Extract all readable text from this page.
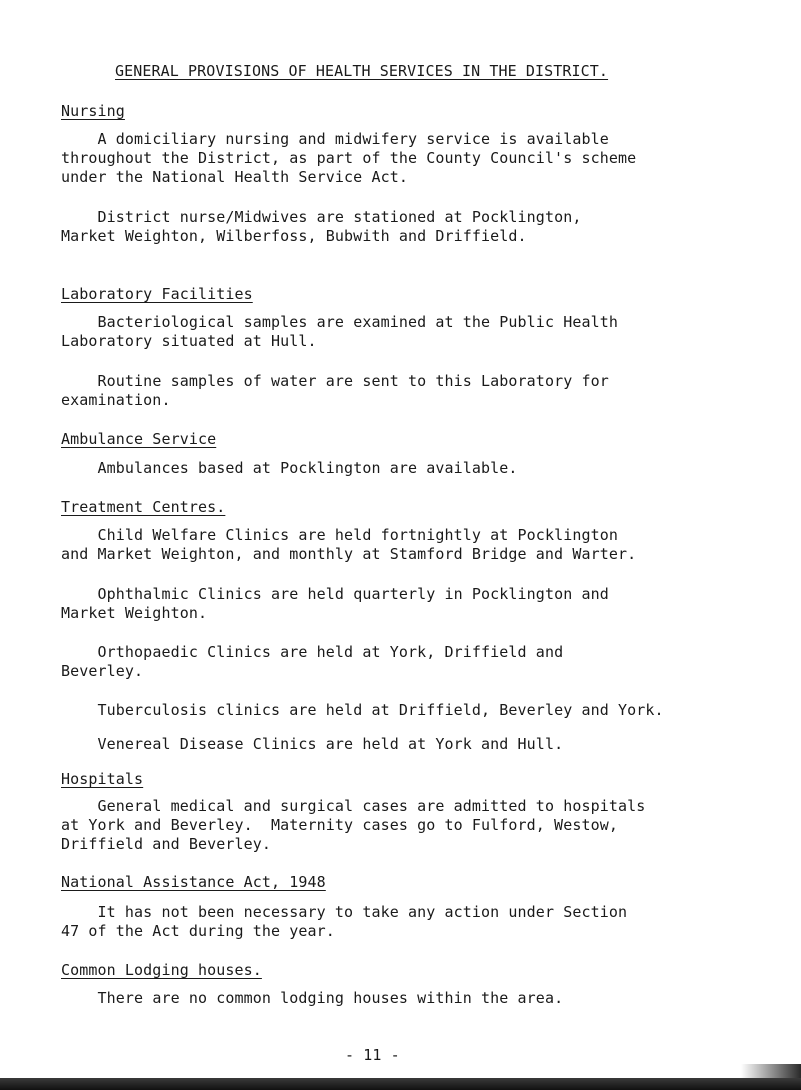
GENERAL PROVISIONS OF HEALTH SERVICES IN THE DISTRICT.
Nursing
A domiciliary nursing and midwifery service is available
throughout the District, as part of the County Council's scheme
under the National Health Service Act.
District nurse/Midwives are stationed at Pocklington,
Market Weighton, Wilberfoss, Bubwith and Driffield.
Laboratory Facilities
Bacteriological samples are examined at the Public Health
Laboratory situated at Hull.
Routine samples of water are sent to this Laboratory for
examination.
Ambulance Service
Ambulances based at Pocklington are available.
Treatment Centres.
Child Welfare Clinics are held fortnightly at Pocklington
and Market Weighton, and monthly at Stamford Bridge and Warter.
Ophthalmic Clinics are held quarterly in Pocklington and
Market Weighton.
Orthopaedic Clinics are held at York, Driffield and
Beverley.
Tuberculosis clinics are held at Driffield, Beverley and York.
Venereal Disease Clinics are held at York and Hull.
Hospitals
General medical and surgical cases are admitted to hospitals
at York and Beverley.  Maternity cases go to Fulford, Westow,
Driffield and Beverley.
National Assistance Act, 1948
It has not been necessary to take any action under Section
47 of the Act during the year.
Common Lodging houses.
There are no common lodging houses within the area.
- 11 -
